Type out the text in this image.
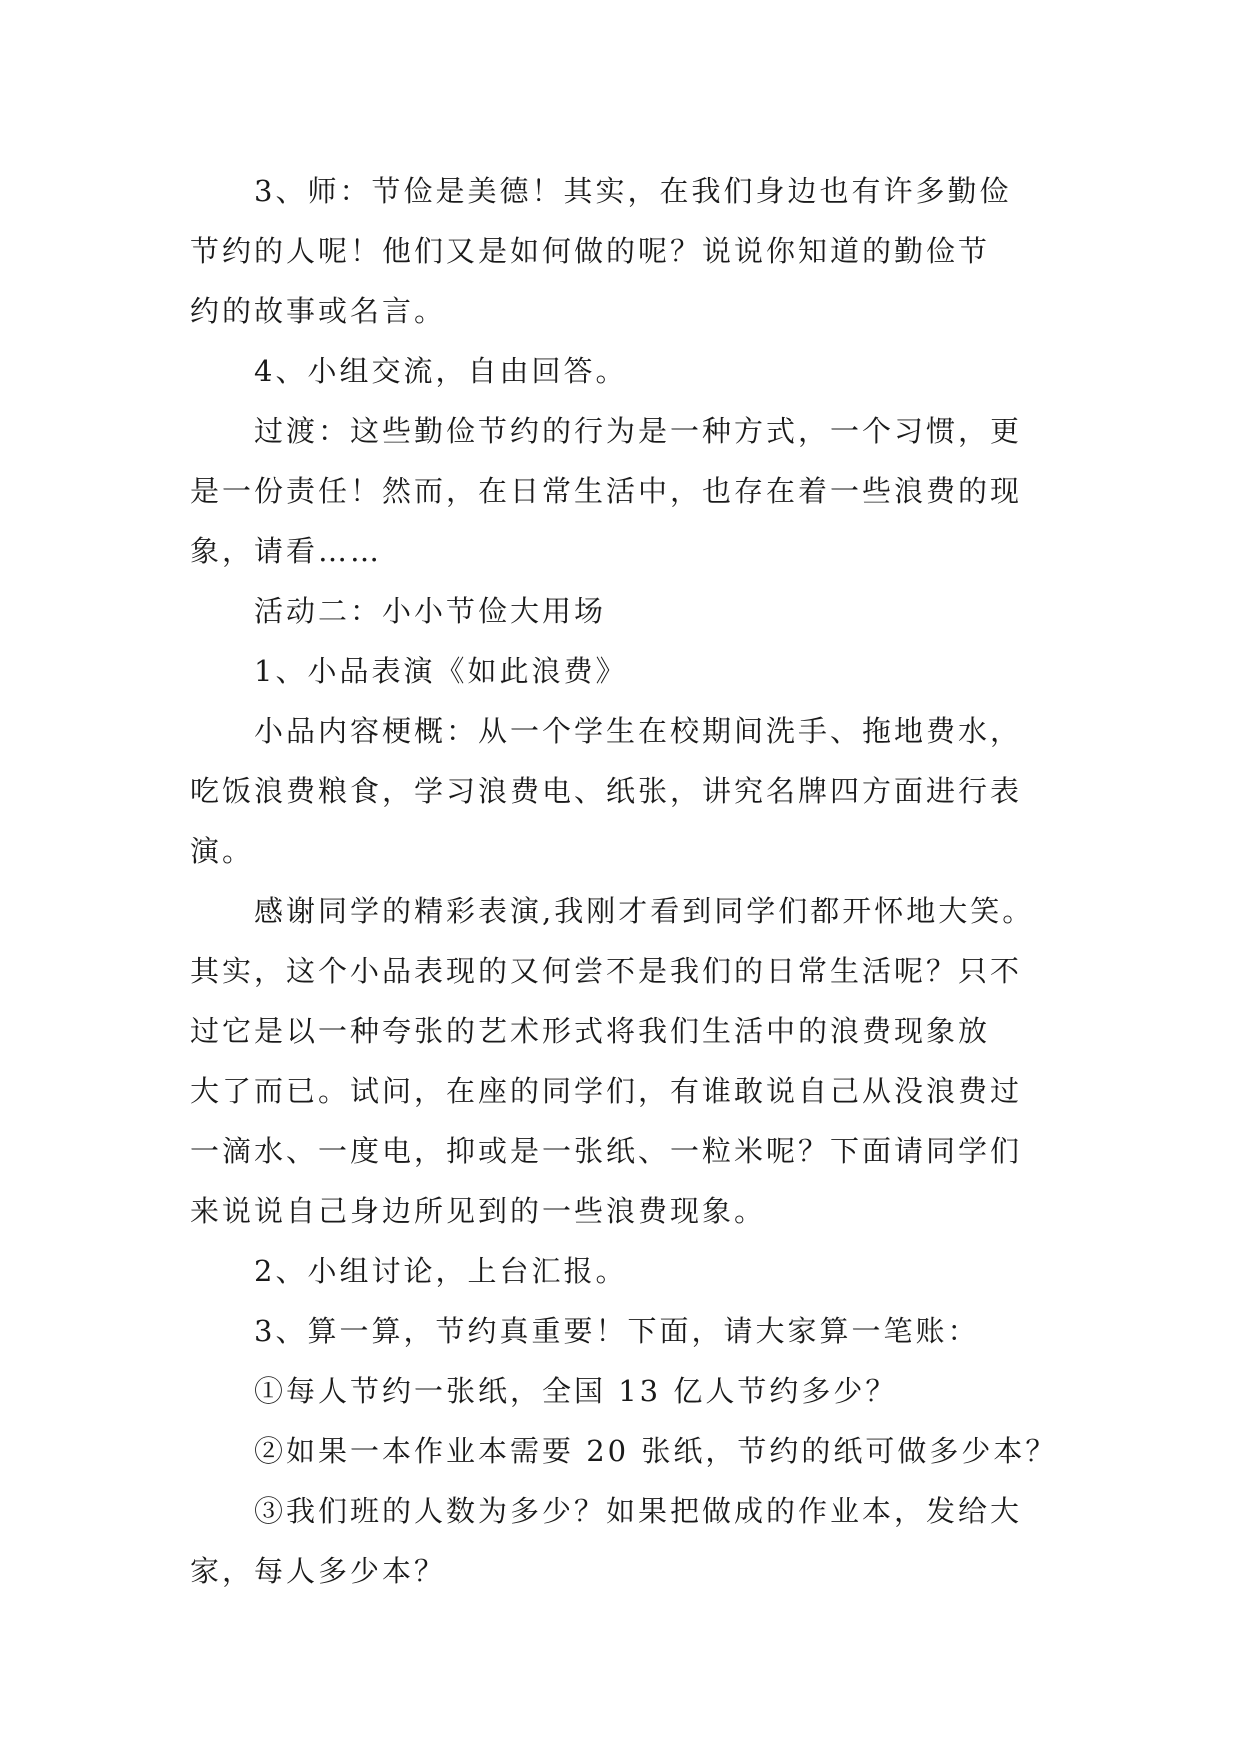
3、师：节俭是美德！其实，在我们身边也有许多勤俭
节约的人呢！他们又是如何做的呢？说说你知道的勤俭节
约的故事或名言。
4、小组交流，自由回答。
过渡：这些勤俭节约的行为是一种方式，一个习惯，更
是一份责任！然而，在日常生活中，也存在着一些浪费的现
象，请看……
活动二：小小节俭大用场
1、小品表演《如此浪费》
小品内容梗概：从一个学生在校期间洗手、拖地费水，
吃饭浪费粮食，学习浪费电、纸张，讲究名牌四方面进行表
演。
感谢同学的精彩表演,我刚才看到同学们都开怀地大笑。
其实，这个小品表现的又何尝不是我们的日常生活呢？只不
过它是以一种夸张的艺术形式将我们生活中的浪费现象放
大了而已。试问，在座的同学们，有谁敢说自己从没浪费过
一滴水、一度电，抑或是一张纸、一粒米呢？下面请同学们
来说说自己身边所见到的一些浪费现象。
2、小组讨论，上台汇报。
3、算一算，节约真重要！下面，请大家算一笔账：
①每人节约一张纸，全国 13 亿人节约多少？
②如果一本作业本需要 20 张纸，节约的纸可做多少本？
③我们班的人数为多少？如果把做成的作业本，发给大
家，每人多少本？
